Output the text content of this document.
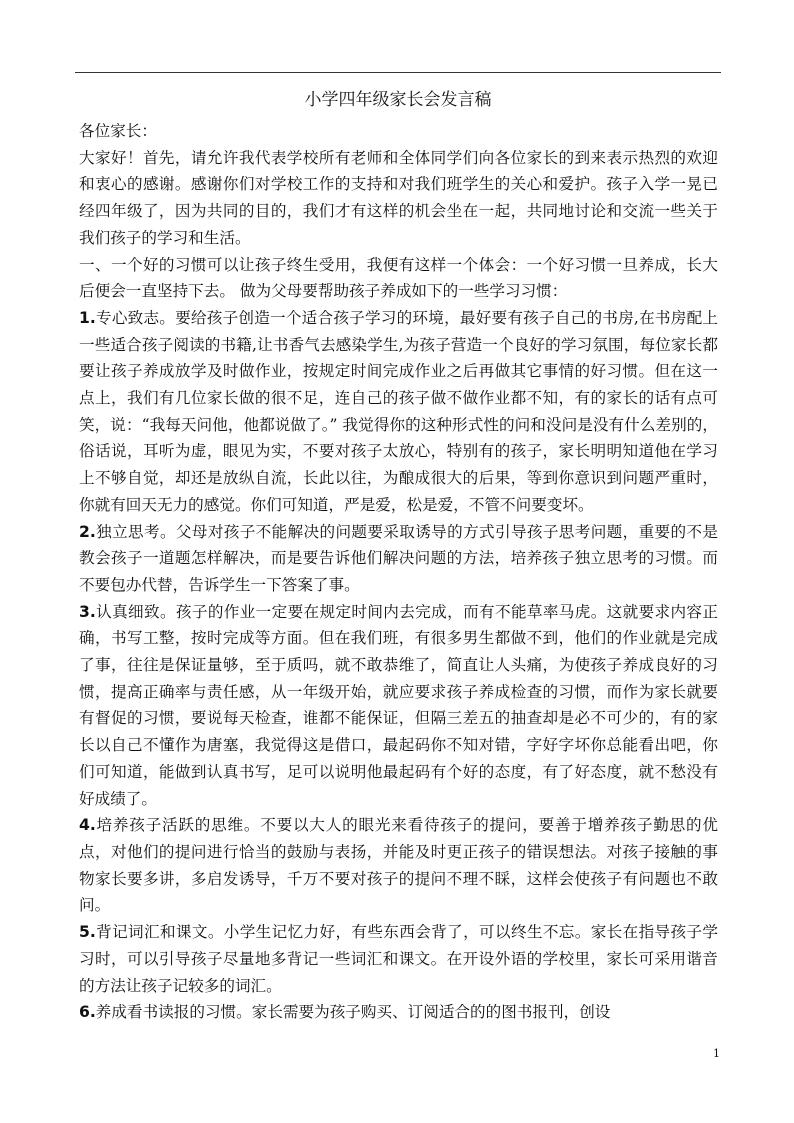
小学四年级家长会发言稿

各位家长：

大家好！首先，请允许我代表学校所有老师和全体同学们向各位家长的到来表示热烈的欢迎和衷心的感谢。感谢你们对学校工作的支持和对我们班学生的关心和爱护。孩子入学一晃已经四年级了，因为共同的目的，我们才有这样的机会坐在一起，共同地讨论和交流一些关于我们孩子的学习和生活。

一、一个好的习惯可以让孩子终生受用，我便有这样一个体会：一个好习惯一旦养成，长大后便会一直坚持下去。 做为父母要帮助孩子养成如下的一些学习习惯：

1.专心致志。要给孩子创造一个适合孩子学习的环境，最好要有孩子自己的书房,在书房配上一些适合孩子阅读的书籍,让书香气去感染学生,为孩子营造一个良好的学习氛围，每位家长都要让孩子养成放学及时做作业，按规定时间完成作业之后再做其它事情的好习惯。但在这一点上，我们有几位家长做的很不足，连自己的孩子做不做作业都不知，有的家长的话有点可笑，说：“我每天问他，他都说做了。” 我觉得你的这种形式性的问和没问是没有什么差别的，俗话说，耳听为虚，眼见为实，不要对孩子太放心，特别有的孩子，家长明明知道他在学习上不够自觉，却还是放纵自流，长此以往，为酿成很大的后果，等到你意识到问题严重时，你就有回天无力的感觉。你们可知道，严是爱，松是爱，不管不问要变坏。

2.独立思考。父母对孩子不能解决的问题要采取诱导的方式引导孩子思考问题，重要的不是教会孩子一道题怎样解决，而是要告诉他们解决问题的方法，培养孩子独立思考的习惯。而不要包办代替，告诉学生一下答案了事。

3.认真细致。孩子的作业一定要在规定时间内去完成，而有不能草率马虎。这就要求内容正确，书写工整，按时完成等方面。但在我们班，有很多男生都做不到，他们的作业就是完成了事，往往是保证量够，至于质吗，就不敢恭维了，简直让人头痛，为使孩子养成良好的习惯，提高正确率与责任感，从一年级开始，就应要求孩子养成检查的习惯，而作为家长就要有督促的习惯，要说每天检查，谁都不能保证，但隔三差五的抽查却是必不可少的，有的家长以自己不懂作为唐塞，我觉得这是借口，最起码你不知对错，字好字坏你总能看出吧，你们可知道，能做到认真书写，足可以说明他最起码有个好的态度，有了好态度，就不愁没有好成绩了。

4.培养孩子活跃的思维。不要以大人的眼光来看待孩子的提问，要善于增养孩子勤思的优点，对他们的提问进行恰当的鼓励与表扬，并能及时更正孩子的错误想法。对孩子接触的事物家长要多讲，多启发诱导，千万不要对孩子的提问不理不睬，这样会使孩子有问题也不敢问。

5.背记词汇和课文。小学生记忆力好，有些东西会背了，可以终生不忘。家长在指导孩子学习时，可以引导孩子尽量地多背记一些词汇和课文。在开设外语的学校里，家长可采用谐音的方法让孩子记较多的词汇。

6.养成看书读报的习惯。家长需要为孩子购买、订阅适合的的图书报刊，创设

1
